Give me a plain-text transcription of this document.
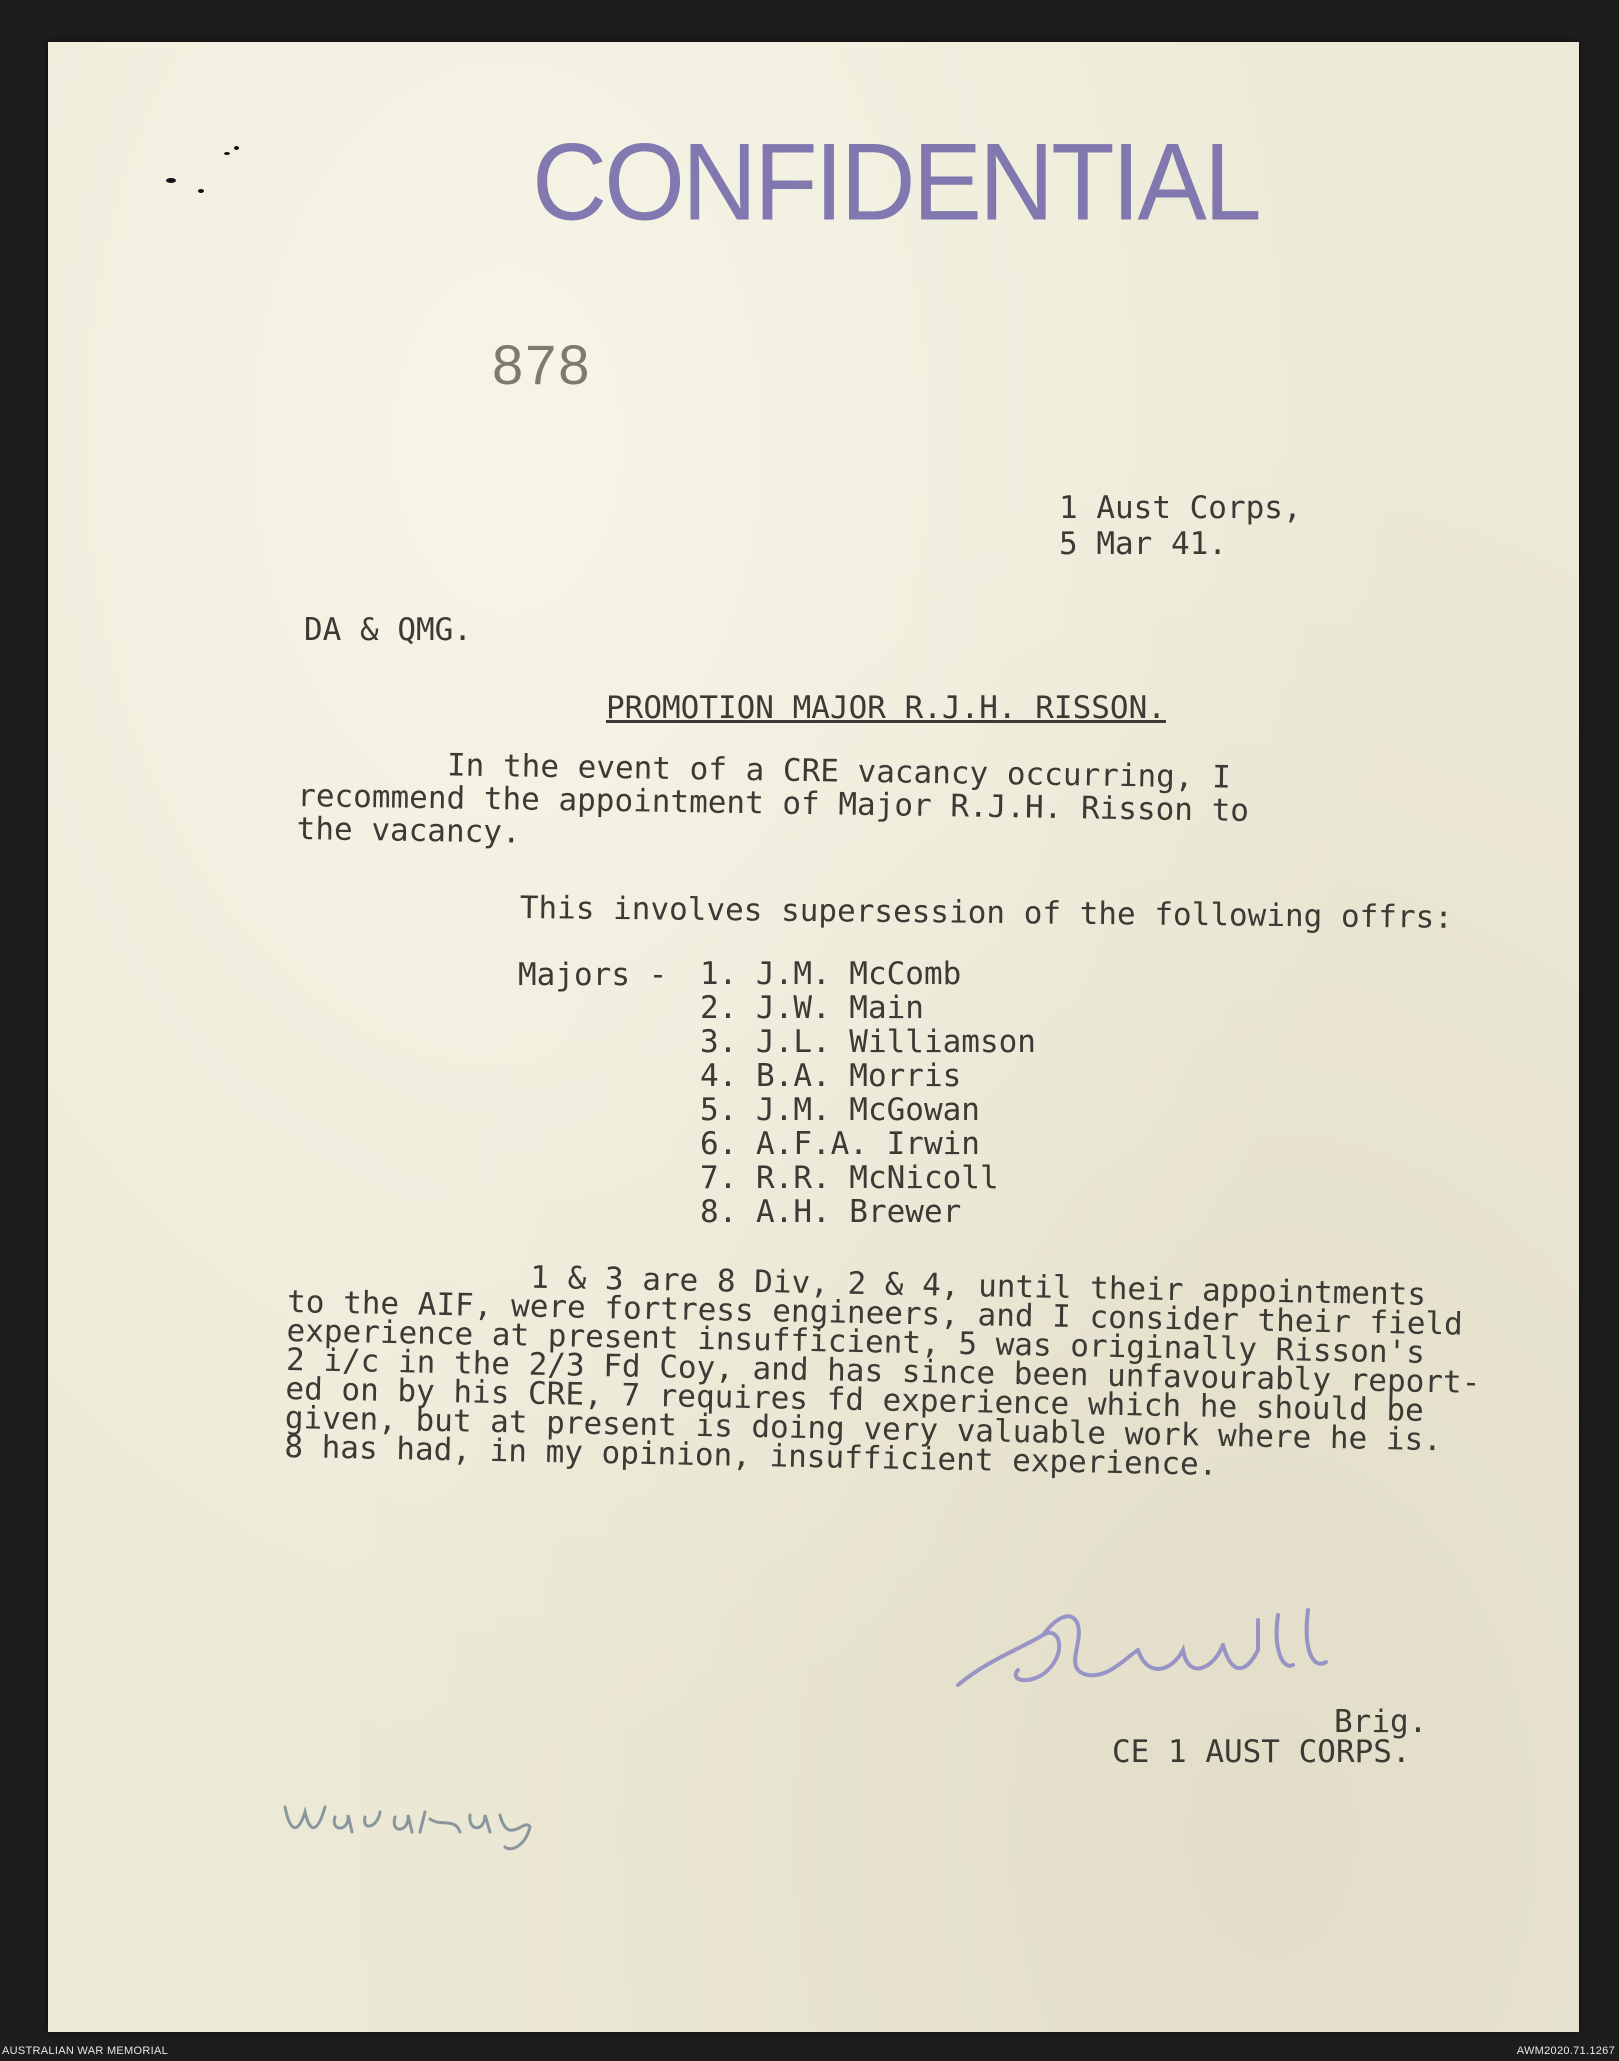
CONFIDENTIAL
878
1 Aust Corps,
5 Mar 41.
DA & QMG.
PROMOTION MAJOR R.J.H. RISSON.
In the event of a CRE vacancy occurring, I
recommend the appointment of Major R.J.H. Risson to
the vacancy.
This involves supersession of the following offrs:
Majors - 1. J.M. McComb
2. J.W. Main
3. J.L. Williamson
4. B.A. Morris
5. J.M. McGowan
6. A.F.A. Irwin
7. R.R. McNicoll
8. A.H. Brewer
1 & 3 are 8 Div, 2 & 4, until their appointments
to the AIF, were fortress engineers, and I consider their field
experience at present insufficient, 5 was originally Risson's
2 i/c in the 2/3 Fd Coy, and has since been unfavourably report-
ed on by his CRE, 7 requires fd experience which he should be
given, but at present is doing very valuable work where he is.
8 has had, in my opinion, insufficient experience.
Brig.
CE 1 AUST CORPS.
AUSTRALIAN WAR MEMORIAL	AWM2020.71.1267
